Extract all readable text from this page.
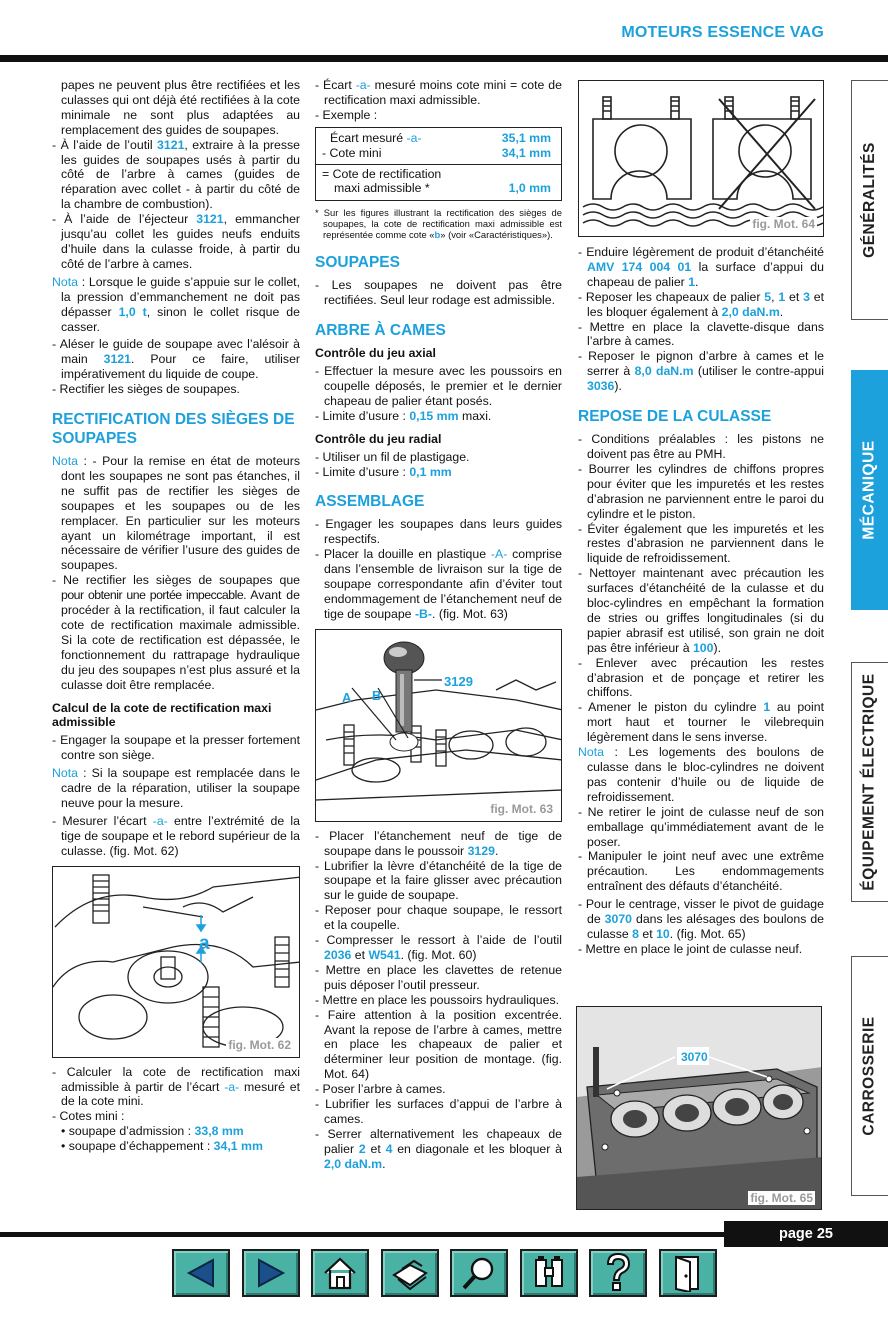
MOTEURS ESSENCE VAG

papes ne peuvent plus être rectifiées et les culasses qui ont déjà été rectifiées à la cote minimale ne sont plus adaptées au remplacement des guides de soupapes.

- À l’aide de l’outil 3121, extraire à la presse les guides de soupapes usés à partir du côté de l’arbre à cames (guides de réparation avec collet - à partir du côté de la chambre de combustion).

- À l’aide de l’éjecteur 3121, emmancher jusqu’au collet les guides neufs enduits d’huile dans la culasse froide, à partir du côté de l’arbre à cames.

Nota : Lorsque le guide s’appuie sur le collet, la pression d’emmanchement ne doit pas dépasser 1,0 t, sinon le collet risque de casser.

- Aléser le guide de soupape avec l’alésoir à main 3121. Pour ce faire, utiliser impérativement du liquide de coupe.

- Rectifier les sièges de soupapes.

RECTIFICATION DES SIÈGES DE SOUPAPES

Nota : - Pour la remise en état de moteurs dont les soupapes ne sont pas étanches, il ne suffit pas de rectifier les sièges de soupapes et les soupapes ou de les remplacer. En particulier sur les moteurs ayant un kilométrage important, il est nécessaire de vérifier l’usure des guides de soupapes.

- Ne rectifier les sièges de soupapes que pour obtenir une portée impeccable. Avant de procéder à la rectification, il faut calculer la cote de rectification maximale admissible. Si la cote de rectification est dépassée, le fonctionnement du rattrapage hydraulique du jeu des soupapes n’est plus assuré et la culasse doit être remplacée.

Calcul de la cote de rectification maxi admissible

- Engager la soupape et la presser fortement contre son siège.

Nota : Si la soupape est remplacée dans le cadre de la réparation, utiliser la soupape neuve pour la mesure.

- Mesurer l’écart -a- entre l’extrémité de la tige de soupape et le rebord supérieur de la culasse. (fig. Mot. 62)

a
fig. Mot. 62

- Calculer la cote de rectification maxi admissible à partir de l’écart -a- mesuré et de la cote mini.

- Cotes mini :

• soupape d’admission : 33,8 mm

• soupape d’échappement : 34,1 mm

- Écart -a- mesuré moins cote mini = cote de rectification maxi admissible.

- Exemple :

Écart mesuré -a-	35,1 mm
- Cote mini	34,1 mm
= Cote de rectification
maxi admissible *	1,0 mm

* Sur les figures illustrant la rectification des sièges de soupapes, la cote de rectification maxi admissible est représentée comme cote «b» (voir «Caractéristiques»).

SOUPAPES

- Les soupapes ne doivent pas être rectifiées. Seul leur rodage est admissible.

ARBRE À CAMES
Contrôle du jeu axial

- Effectuer la mesure avec les poussoirs en coupelle déposés, le premier et le dernier chapeau de palier étant posés.

- Limite d’usure : 0,15 mm maxi.

Contrôle du jeu radial

- Utiliser un fil de plastigage.

- Limite d’usure : 0,1 mm

ASSEMBLAGE

- Engager les soupapes dans leurs guides respectifs.

- Placer la douille en plastique -A- comprise dans l’ensemble de livraison sur la tige de soupape correspondante afin d’éviter tout endommagement de l’étanchement neuf de tige de soupape -B-. (fig. Mot. 63)

3129
A B
fig. Mot. 63

- Placer l’étanchement neuf de tige de soupape dans le poussoir 3129.

- Lubrifier la lèvre d’étanchéité de la tige de soupape et la faire glisser avec précaution sur le guide de soupape.

- Reposer pour chaque soupape, le ressort et la coupelle.

- Compresser le ressort à l’aide de l’outil 2036 et W541. (fig. Mot. 60)

- Mettre en place les clavettes de retenue puis déposer l’outil presseur.

- Mettre en place les poussoirs hydrauliques.

- Faire attention à la position excentrée. Avant la repose de l’arbre à cames, mettre en place les chapeaux de palier et déterminer leur position de montage. (fig. Mot. 64)

- Poser l’arbre à cames.

- Lubrifier les surfaces d’appui de l’arbre à cames.

- Serrer alternativement les chapeaux de palier 2 et 4 en diagonale et les bloquer à 2,0 daN.m.

fig. Mot. 64

- Enduire légèrement de produit d’étanchéité AMV 174 004 01 la surface d’appui du chapeau de palier 1.

- Reposer les chapeaux de palier 5, 1 et 3 et les bloquer également à 2,0 daN.m.

- Mettre en place la clavette-disque dans l’arbre à cames.

- Reposer le pignon d’arbre à cames et le serrer à 8,0 daN.m (utiliser le contre-appui 3036).

REPOSE DE LA CULASSE

- Conditions préalables : les pistons ne doivent pas être au PMH.

- Bourrer les cylindres de chiffons propres pour éviter que les impuretés et les restes d’abrasion ne parviennent entre le paroi du cylindre et le piston.

- Éviter également que les impuretés et les restes d’abrasion ne parviennent dans le liquide de refroidissement.

- Nettoyer maintenant avec précaution les surfaces d’étanchéité de la culasse et du bloc-cylindres en empêchant la formation de stries ou griffes longitudinales (si du papier abrasif est utilisé, son grain ne doit pas être inférieur à 100).

- Enlever avec précaution les restes d’abrasion et de ponçage et retirer les chiffons.

- Amener le piston du cylindre 1 au point mort haut et tourner le vilebrequin légèrement dans le sens inverse.

Nota : Les logements des boulons de culasse dans le bloc-cylindres ne doivent pas contenir d’huile ou de liquide de refroidissement.

- Ne retirer le joint de culasse neuf de son emballage qu’immédiatement avant de le poser.

- Manipuler le joint neuf avec une extrême précaution. Les endommagements entraînent des défauts d’étanchéité.

- Pour le centrage, visser le pivot de guidage de 3070 dans les alésages des boulons de culasse 8 et 10. (fig. Mot. 65)

- Mettre en place le joint de culasse neuf.

3070
fig. Mot. 65
GÉNÉRALITÉS
MÉCANIQUE
ÉQUIPEMENT ÉLECTRIQUE
CARROSSERIE
page 25
